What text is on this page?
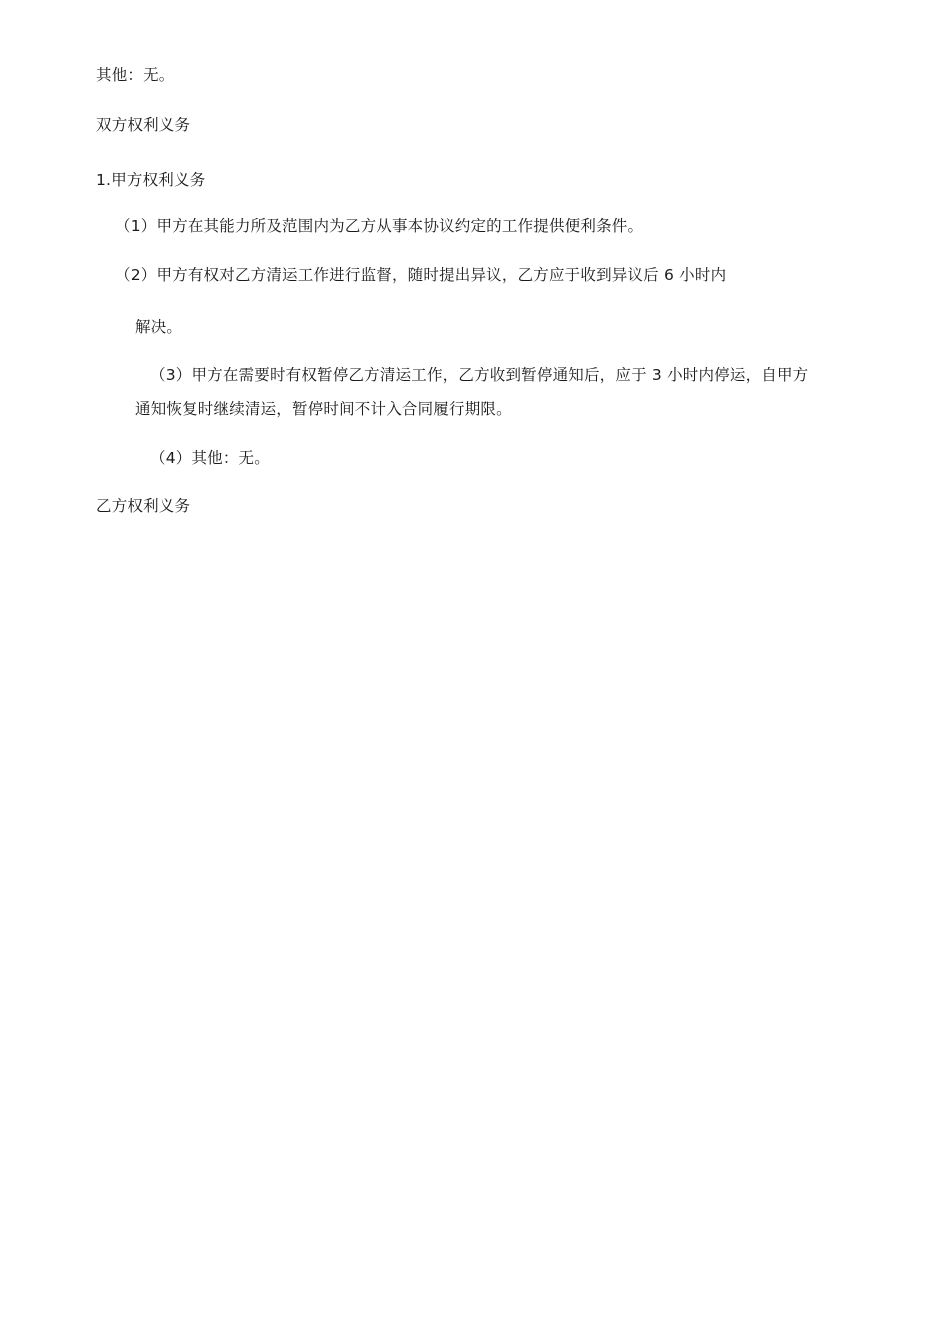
其他：无。
双方权利义务
1.甲方权利义务
（1）甲方在其能力所及范围内为乙方从事本协议约定的工作提供便利条件。
（2）甲方有权对乙方清运工作进行监督，随时提出异议，乙方应于收到异议后 6 小时内
解决。
（3）甲方在需要时有权暂停乙方清运工作，乙方收到暂停通知后，应于 3 小时内停运，自甲方
通知恢复时继续清运，暂停时间不计入合同履行期限。
（4）其他：无。
乙方权利义务
